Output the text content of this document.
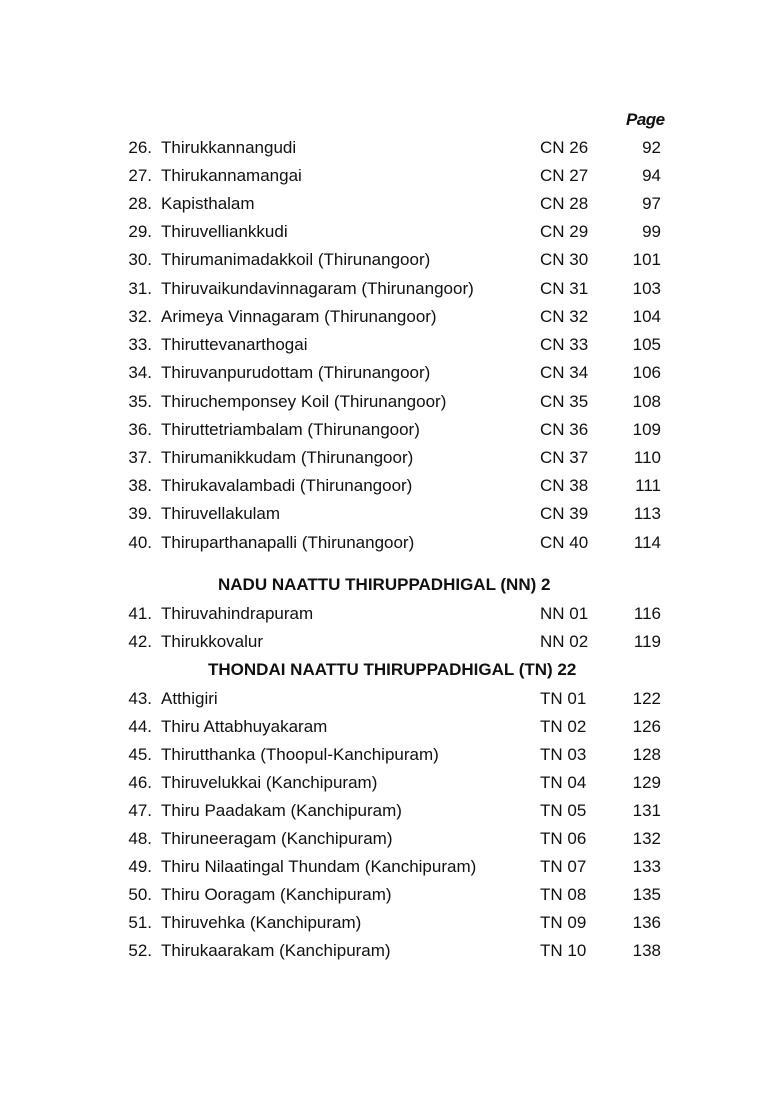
Page
26. Thirukkannangudi	CN 26	92
27. Thirukannamangai	CN 27	94
28. Kapisthalam	CN 28	97
29. Thiruvelliankkudi	CN 29	99
30. Thirumanimadakkoil (Thirunangoor)	CN 30	101
31. Thiruvaikundavinnagaram (Thirunangoor)	CN 31	103
32. Arimeya Vinnagaram (Thirunangoor)	CN 32	104
33. Thiruttevanarthogai	CN 33	105
34. Thiruvanpurudottam (Thirunangoor)	CN 34	106
35. Thiruchemponsey Koil (Thirunangoor)	CN 35	108
36. Thiruttetriambalam (Thirunangoor)	CN 36	109
37. Thirumanikkudam (Thirunangoor)	CN 37	110
38. Thirukavalambadi (Thirunangoor)	CN 38	111
39. Thiruvellakulam	CN 39	113
40. Thiruparthanapalli (Thirunangoor)	CN 40	114
NADU NAATTU THIRUPPADHIGAL (NN) 2
41. Thiruvahindrapuram	NN 01	116
42. Thirukkovalur	NN 02	119
THONDAI NAATTU THIRUPPADHIGAL (TN) 22
43. Atthigiri	TN 01	122
44. Thiru Attabhuyakaram	TN 02	126
45. Thirutthanka (Thoopul-Kanchipuram)	TN 03	128
46. Thiruvelukkai (Kanchipuram)	TN 04	129
47. Thiru Paadakam (Kanchipuram)	TN 05	131
48. Thiruneeragam (Kanchipuram)	TN 06	132
49. Thiru Nilaatingal Thundam (Kanchipuram)	TN 07	133
50. Thiru Ooragam (Kanchipuram)	TN 08	135
51. Thiruvehka (Kanchipuram)	TN 09	136
52. Thirukaarakam (Kanchipuram)	TN 10	138
